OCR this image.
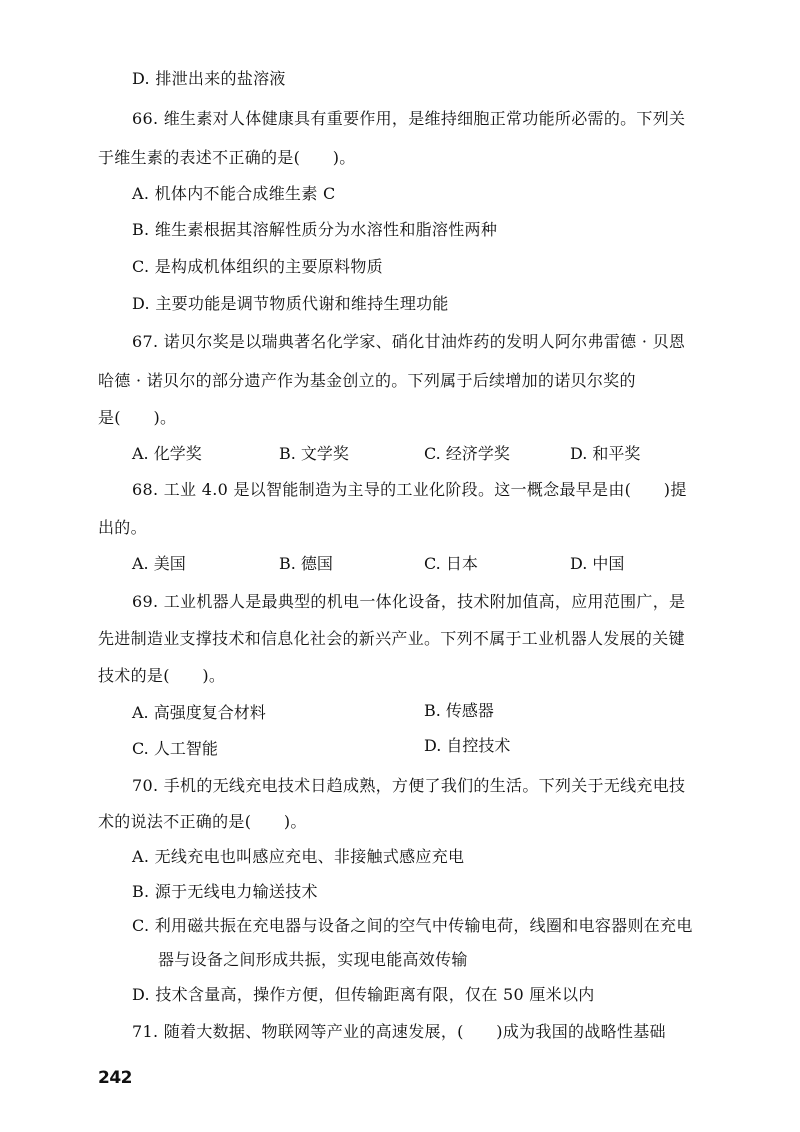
D. 排泄出来的盐溶液
66. 维生素对人体健康具有重要作用，是维持细胞正常功能所必需的。下列关
于维生素的表述不正确的是(　　)。
A. 机体内不能合成维生素 C
B. 维生素根据其溶解性质分为水溶性和脂溶性两种
C. 是构成机体组织的主要原料物质
D. 主要功能是调节物质代谢和维持生理功能
67. 诺贝尔奖是以瑞典著名化学家、硝化甘油炸药的发明人阿尔弗雷德 · 贝恩
哈德 · 诺贝尔的部分遗产作为基金创立的。下列属于后续增加的诺贝尔奖的
是(　　)。
A. 化学奖	B. 文学奖	C. 经济学奖	D. 和平奖
68. 工业 4.0 是以智能制造为主导的工业化阶段。这一概念最早是由(　　)提
出的。
A. 美国	B. 德国	C. 日本	D. 中国
69. 工业机器人是最典型的机电一体化设备，技术附加值高，应用范围广，是
先进制造业支撑技术和信息化社会的新兴产业。下列不属于工业机器人发展的关键
技术的是(　　)。
A. 高强度复合材料	B. 传感器
C. 人工智能	D. 自控技术
70. 手机的无线充电技术日趋成熟，方便了我们的生活。下列关于无线充电技
术的说法不正确的是(　　)。
A. 无线充电也叫感应充电、非接触式感应充电
B. 源于无线电力输送技术
C. 利用磁共振在充电器与设备之间的空气中传输电荷，线圈和电容器则在充电
器与设备之间形成共振，实现电能高效传输
D. 技术含量高，操作方便，但传输距离有限，仅在 50 厘米以内
71. 随着大数据、物联网等产业的高速发展，(　　)成为我国的战略性基础
242
